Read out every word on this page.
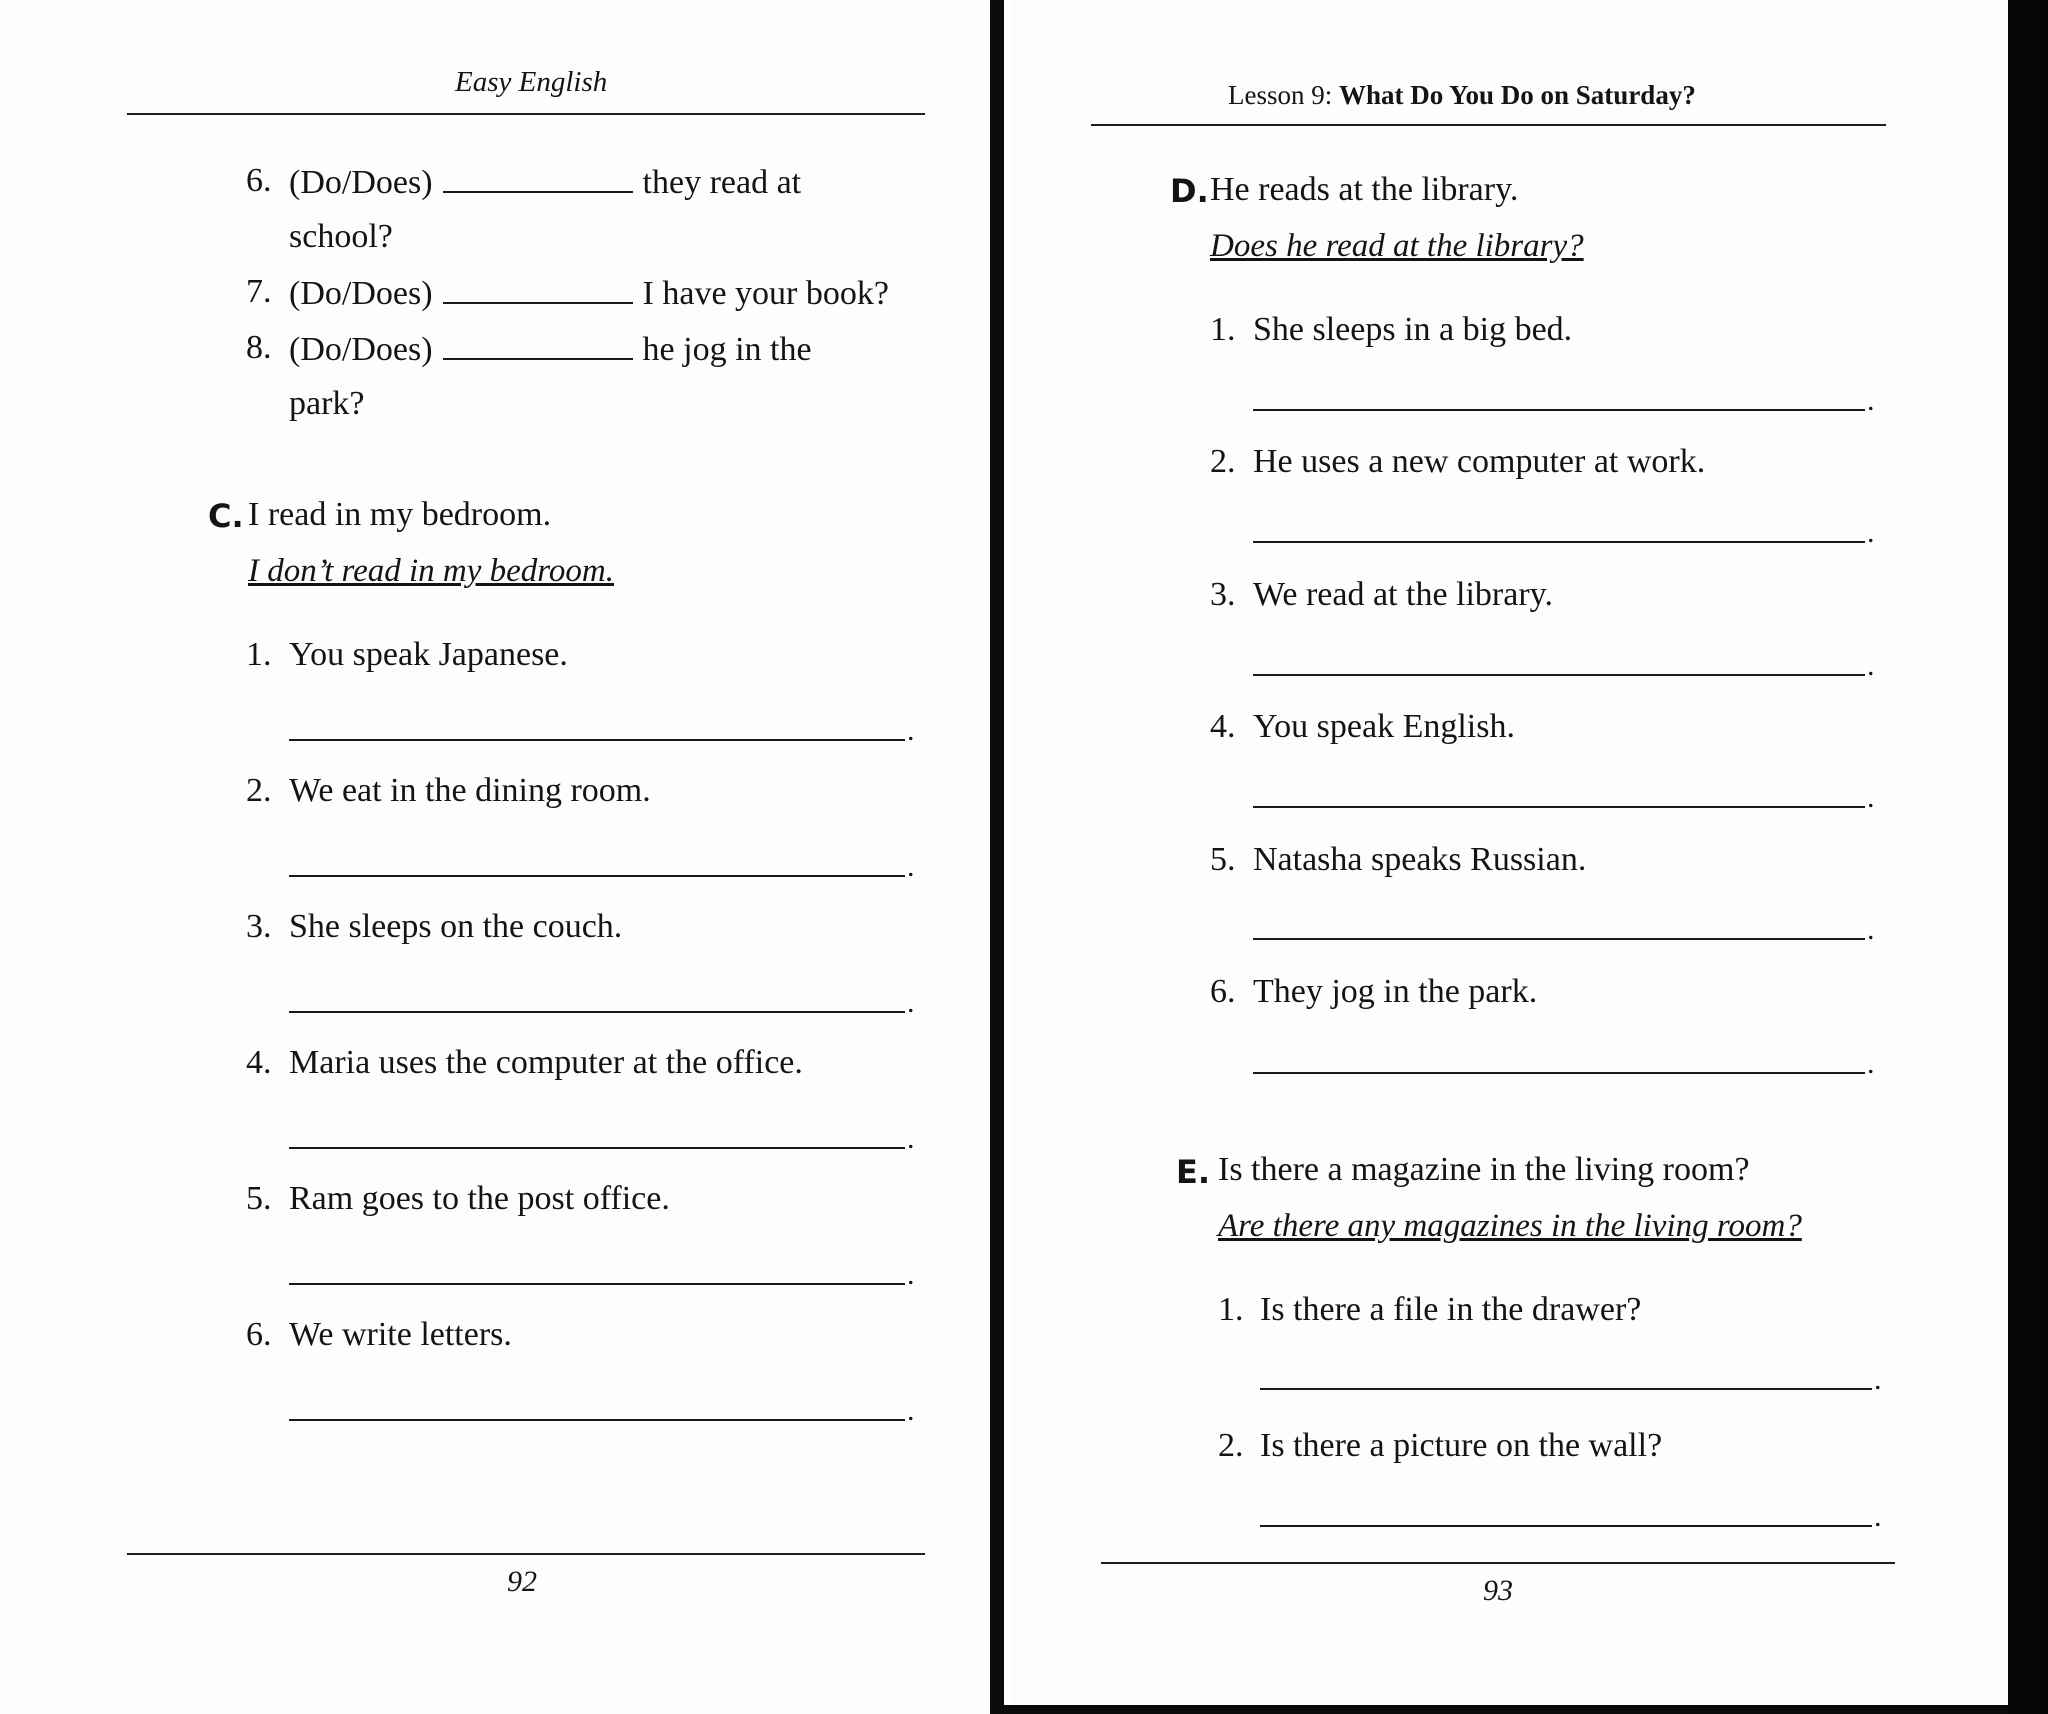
Easy English
6. (Do/Does)	they read at
school?
7. (Do/Does)	I have your book?
8. (Do/Does)	he jog in the
park?
C. I read in my bedroom.
I don’t read in my bedroom.
1. You speak Japanese.
.
2. We eat in the dining room.
.
3. She sleeps on the couch.
.
4. Maria uses the computer at the office.
.
5. Ram goes to the post office.
.
6. We write letters.
.
92
Lesson 9: What Do You Do on Saturday?
D. He reads at the library.
Does he read at the library?
1. She sleeps in a big bed.
.
2. He uses a new computer at work.
.
3. We read at the library.
.
4. You speak English.
.
5. Natasha speaks Russian.
.
6. They jog in the park.
.
E. Is there a magazine in the living room?
Are there any magazines in the living room?
1. Is there a file in the drawer?
.
2. Is there a picture on the wall?
.
93
